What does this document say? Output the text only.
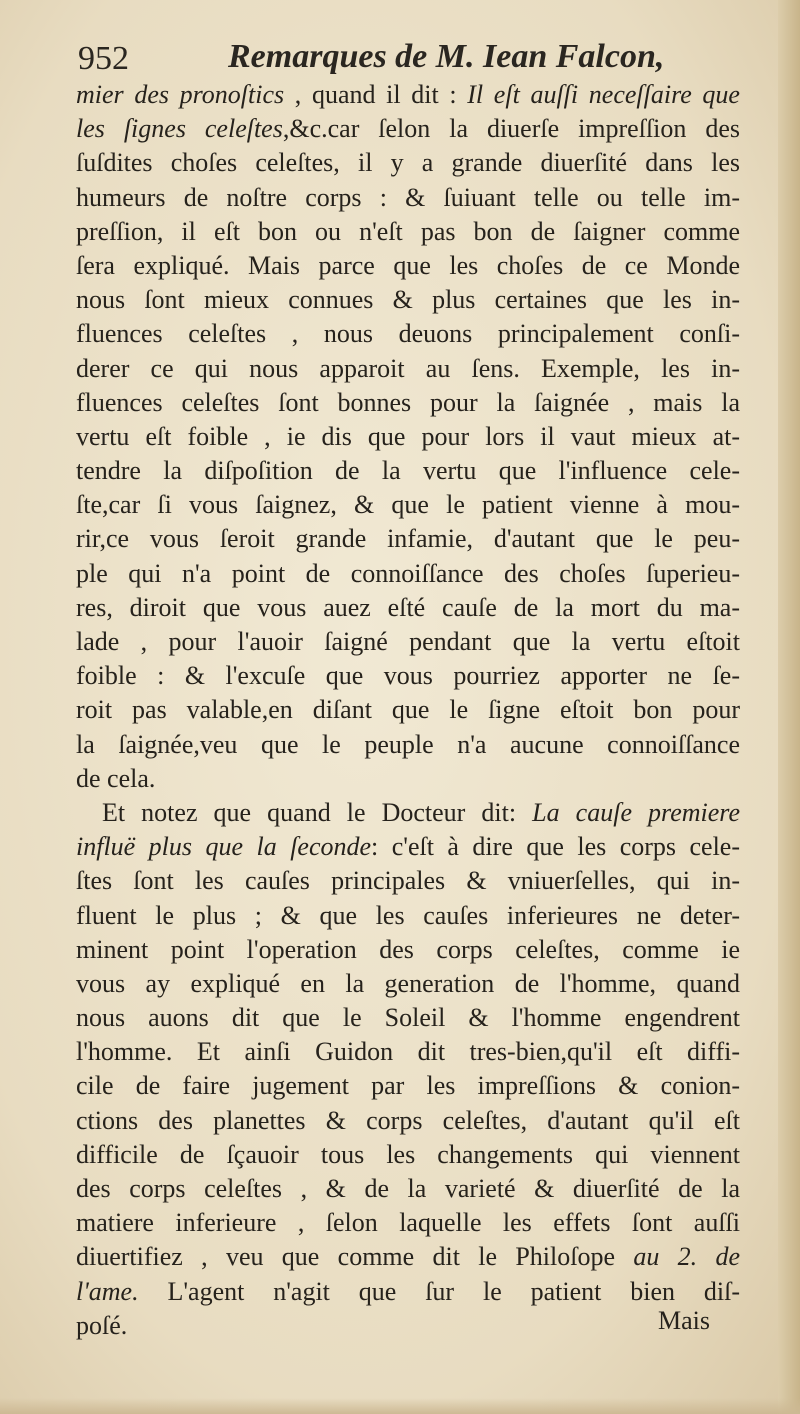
952	Remarques de M. Iean Falcon,
mier des pronoſtics , quand il dit : Il eſt auſſi neceſſaire que
les ſignes celeſtes,&c.car ſelon la diuerſe impreſſion des
ſuſdites choſes celeſtes, il y a grande diuerſité dans les
humeurs de noſtre corps : & ſuiuant telle ou telle im-
preſſion, il eſt bon ou n'eſt pas bon de ſaigner comme
ſera expliqué. Mais parce que les choſes de ce Monde
nous ſont mieux connues & plus certaines que les in-
fluences celeſtes , nous deuons principalement conſi-
derer ce qui nous apparoit au ſens. Exemple, les in-
fluences celeſtes ſont bonnes pour la ſaignée , mais la
vertu eſt foible , ie dis que pour lors il vaut mieux at-
tendre la diſpoſition de la vertu que l'influence cele-
ſte,car ſi vous ſaignez, & que le patient vienne à mou-
rir,ce vous ſeroit grande infamie, d'autant que le peu-
ple qui n'a point de connoiſſance des choſes ſuperieu-
res, diroit que vous auez eſté cauſe de la mort du ma-
lade , pour l'auoir ſaigné pendant que la vertu eſtoit
foible : & l'excuſe que vous pourriez apporter ne ſe-
roit pas valable,en diſant que le ſigne eſtoit bon pour
la ſaignée,veu que le peuple n'a aucune connoiſſance
de cela.
Et notez que quand le Docteur dit: La cauſe premiere
influë plus que la ſeconde: c'eſt à dire que les corps cele-
ſtes ſont les cauſes principales & vniuerſelles, qui in-
fluent le plus ; & que les cauſes inferieures ne deter-
minent point l'operation des corps celeſtes, comme ie
vous ay expliqué en la generation de l'homme, quand
nous auons dit que le Soleil & l'homme engendrent
l'homme. Et ainſi Guidon dit tres-bien,qu'il eſt diffi-
cile de faire jugement par les impreſſions & conion-
ctions des planettes & corps celeſtes, d'autant qu'il eſt
difficile de ſçauoir tous les changements qui viennent
des corps celeſtes , & de la varieté & diuerſité de la
matiere inferieure , ſelon laquelle les effets ſont auſſi
diuertifiez , veu que comme dit le Philoſope au 2. de
l'ame. L'agent n'agit que ſur le patient bien diſ-
poſé.	Mais
